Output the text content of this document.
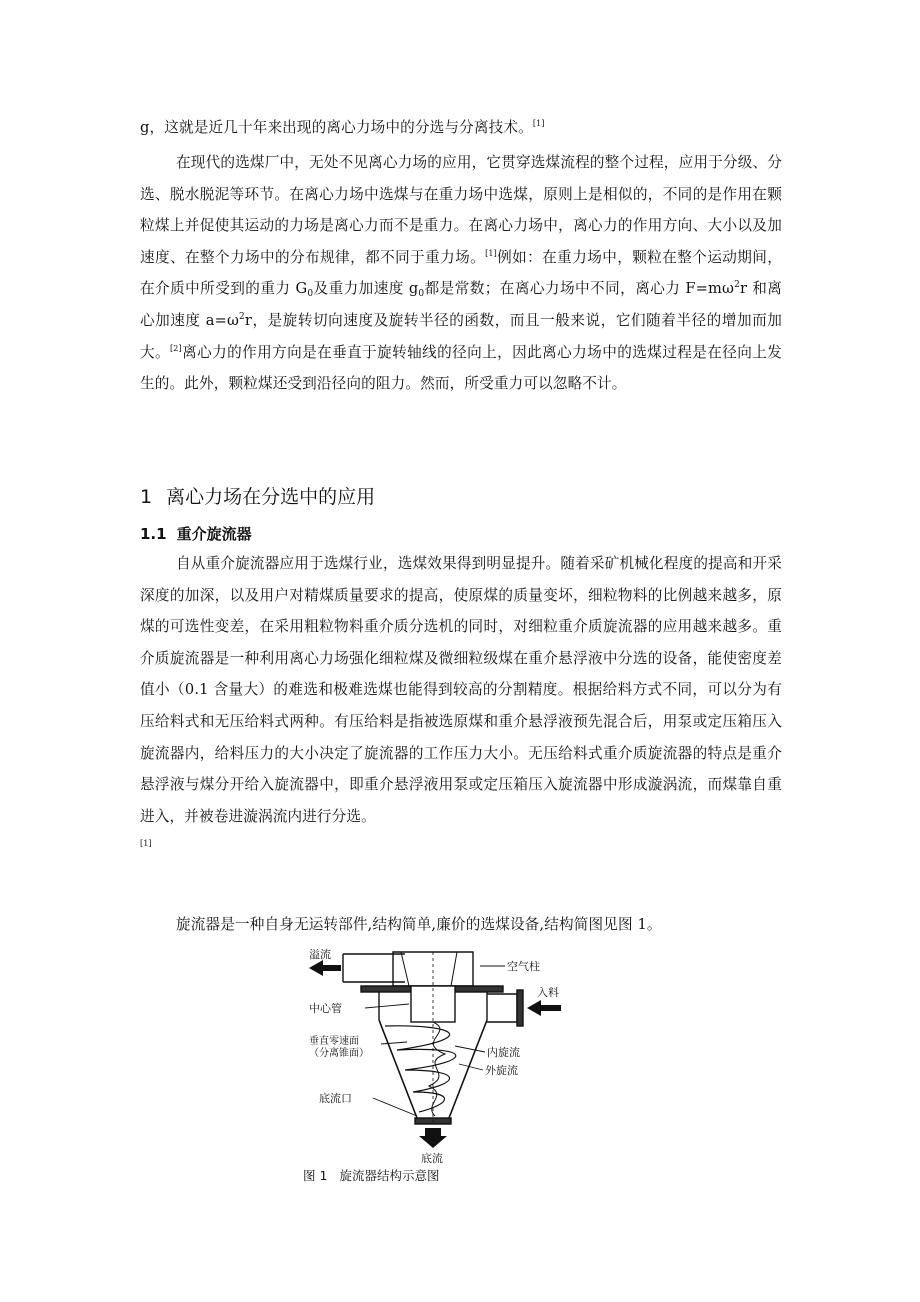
g，这就是近几十年来出现的离心力场中的分选与分离技术。[1]
在现代的选煤厂中，无处不见离心力场的应用，它贯穿选煤流程的整个过程，应用于分级、分选、脱水脱泥等环节。在离心力场中选煤与在重力场中选煤，原则上是相似的，不同的是作用在颗粒煤上并促使其运动的力场是离心力而不是重力。在离心力场中，离心力的作用方向、大小以及加速度、在整个力场中的分布规律，都不同于重力场。[1]例如：在重力场中，颗粒在整个运动期间，在介质中所受到的重力 $G_0$及重力加速度 $g_0$都是常数；在离心力场中不同，离心力 $F=m\omega^2r$ 和离心加速度 $a=\omega^2r$，是旋转切向速度及旋转半径的函数，而且一般来说，它们随着半径的增加而加大。[2]离心力的作用方向是在垂直于旋转轴线的径向上，因此离心力场中的选煤过程是在径向上发生的。此外，颗粒煤还受到沿径向的阻力。然而，所受重力可以忽略不计。
1 离心力场在分选中的应用
1.1 重介旋流器
自从重介旋流器应用于选煤行业，选煤效果得到明显提升。随着采矿机械化程度的提高和开采深度的加深，以及用户对精煤质量要求的提高，使原煤的质量变坏，细粒物料的比例越来越多，原煤的可选性变差，在采用粗粒物料重介质分选机的同时，对细粒重介质旋流器的应用越来越多。重介质旋流器是一种利用离心力场强化细粒煤及微细粒级煤在重介悬浮液中分选的设备，能使密度差值小（0.1 含量大）的难选和极难选煤也能得到较高的分割精度。根据给料方式不同，可以分为有压给料式和无压给料式两种。有压给料是指被选原煤和重介悬浮液预先混合后，用泵或定压箱压入旋流器内，给料压力的大小决定了旋流器的工作压力大小。无压给料式重介质旋流器的特点是重介悬浮液与煤分开给入旋流器中，即重介悬浮液用泵或定压箱压入旋流器中形成漩涡流，而煤靠自重进入，并被卷进漩涡流内进行分选。
[1]
旋流器是一种自身无运转部件,结构简单,廉价的选煤设备,结构简图见图 1。
溢流
空气柱
入料
中心管
垂直零速面
（分离锥面）	内旋流
外旋流
底流口
底流
图 1 旋流器结构示意图
